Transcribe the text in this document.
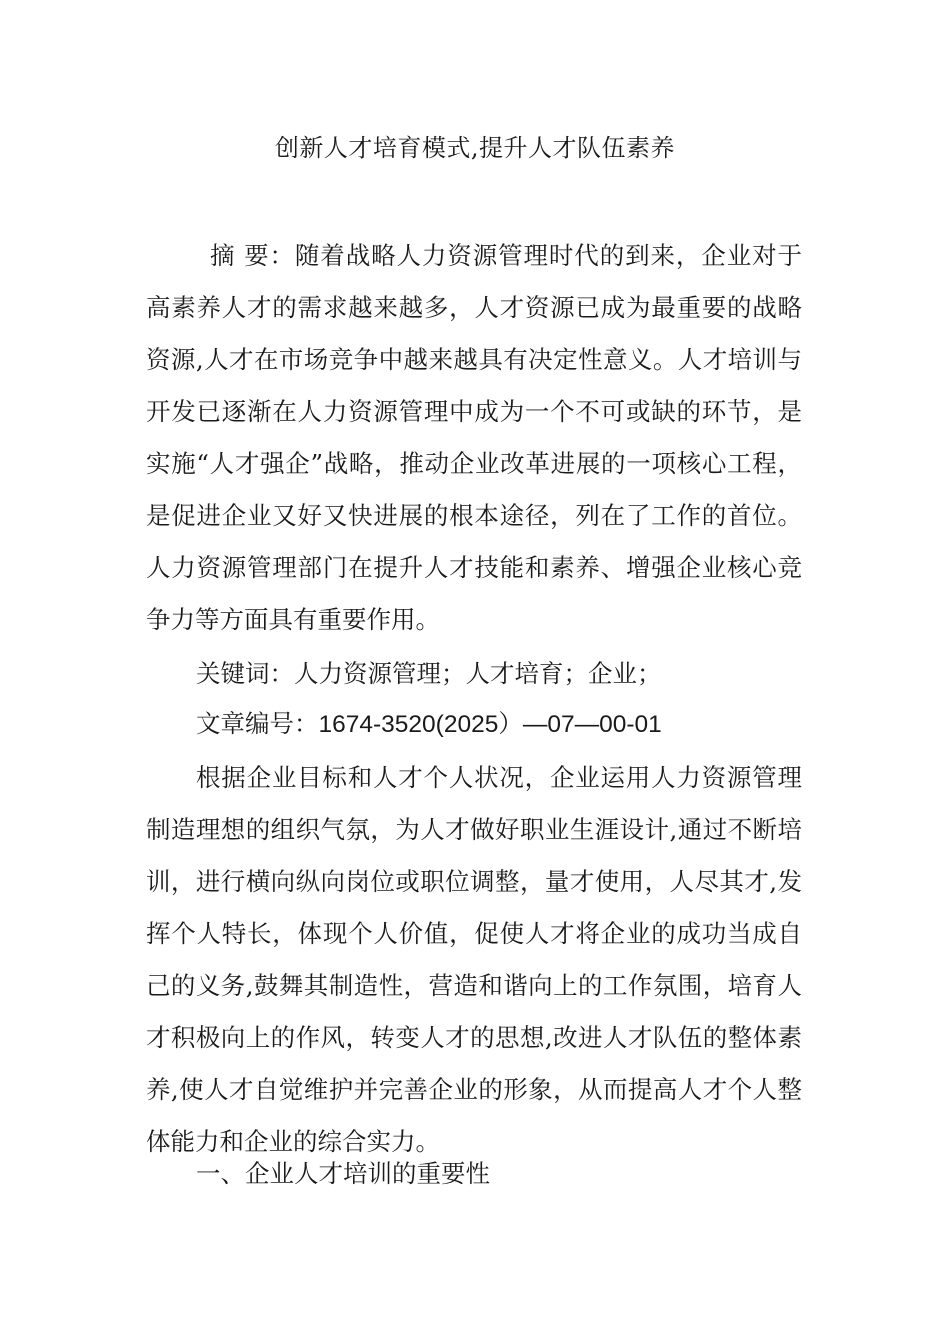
创新人才培育模式,提升人才队伍素养
摘 要：随着战略人力资源管理时代的到来，企业对于高素养人才的需求越来越多，人才资源已成为最重要的战略资源,人才在市场竞争中越来越具有决定性意义。人才培训与开发已逐渐在人力资源管理中成为一个不可或缺的环节，是实施“人才强企”战略，推动企业改革进展的一项核心工程，是促进企业又好又快进展的根本途径，列在了工作的首位。人力资源管理部门在提升人才技能和素养、增强企业核心竞争力等方面具有重要作用。
关键词：人力资源管理；人才培育；企业；
文章编号：1674-3520(2025）—07—00-01
根据企业目标和人才个人状况，企业运用人力资源管理制造理想的组织气氛，为人才做好职业生涯设计,通过不断培训，进行横向纵向岗位或职位调整，量才使用，人尽其才,发挥个人特长，体现个人价值，促使人才将企业的成功当成自己的义务,鼓舞其制造性，营造和谐向上的工作氛围，培育人才积极向上的作风，转变人才的思想,改进人才队伍的整体素养,使人才自觉维护并完善企业的形象，从而提高人才个人整体能力和企业的综合实力。
一、企业人才培训的重要性
